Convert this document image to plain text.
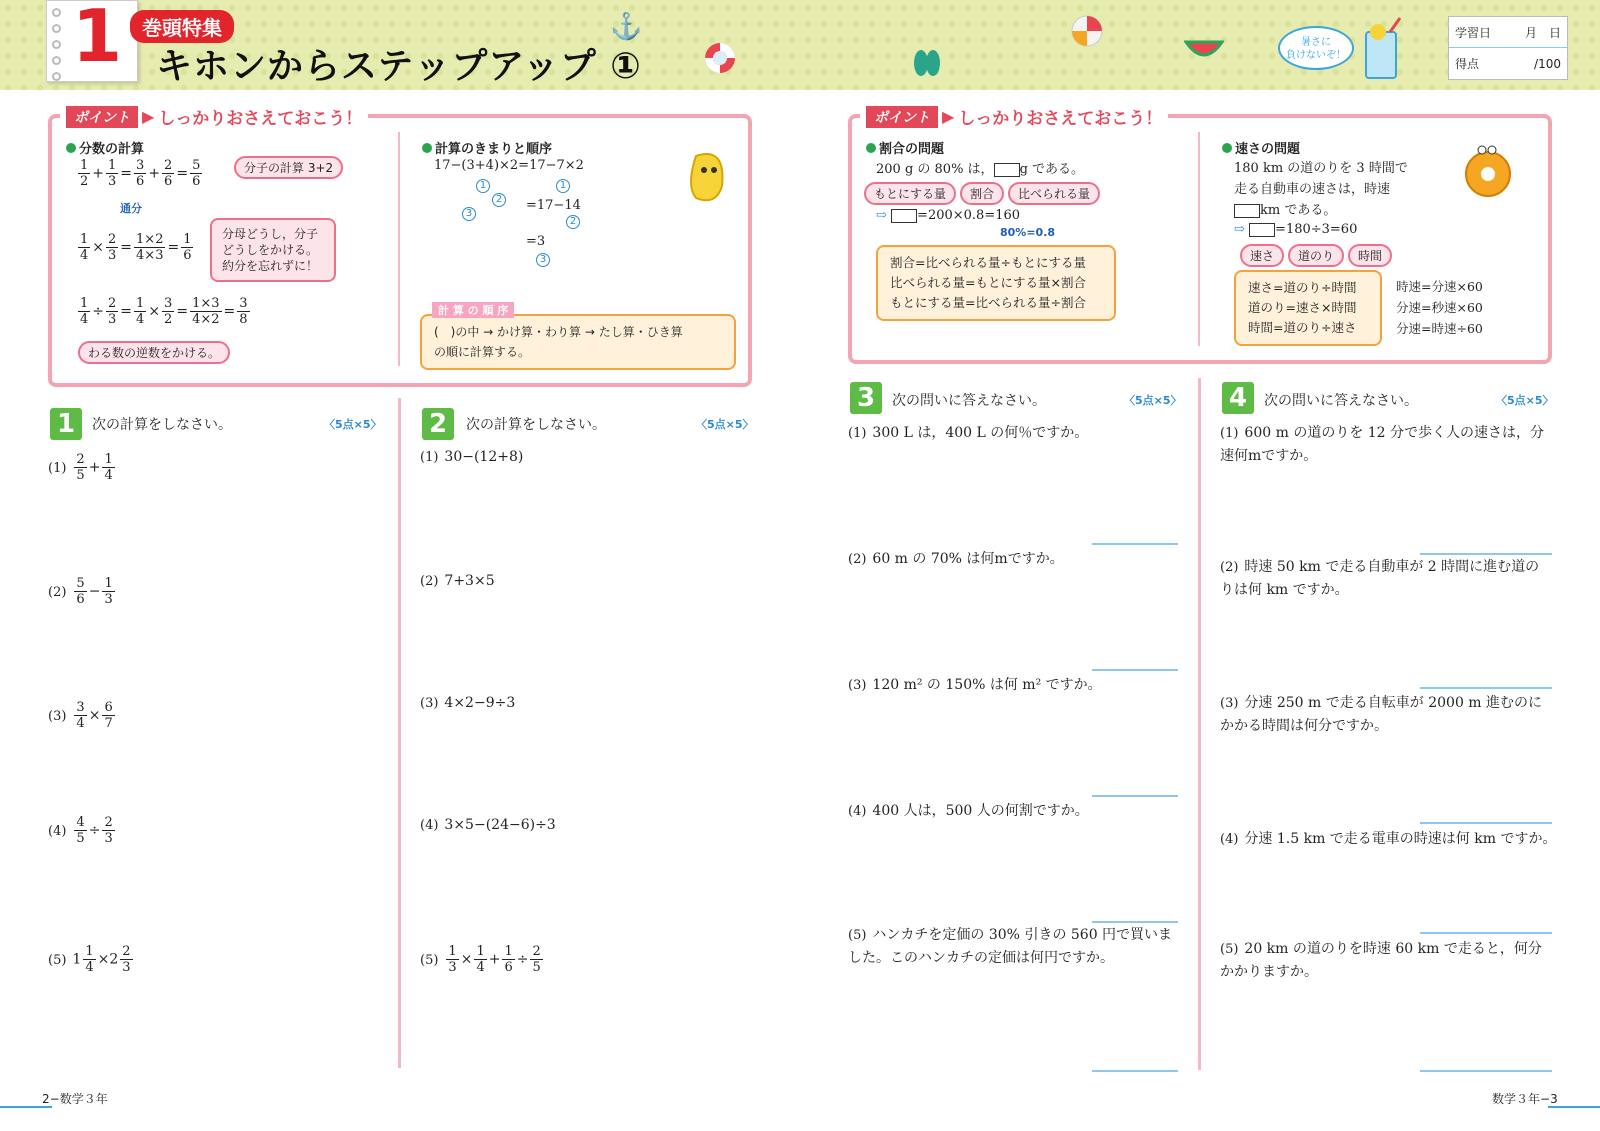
1 巻頭特集
キホンからステップアップ ①
⚓
暑さに
負けないぞ！
学習日	月　 日
得点	/100
ポイント ▶ しっかりおさえておこう！
分数の計算
$\frac{1}{2} + \frac{1}{3} = \frac{3}{6} + \frac{2}{6} = \frac{5}{6}$	分子の計算 3+2
通分
$\frac{1}{4} \times \frac{2}{3} = \frac{1\times 2}{4\times 3} = \frac{1}{6}$	分母どうし，分子どうしをかける。約分を忘れずに！
$\frac{1}{4} \div \frac{2}{3} = \frac{1}{4} \times \frac{3}{2} = \frac{1\times 3}{4\times 2} = \frac{3}{8}$
わる数の逆数をかける。
計算のきまりと順序
17−(3+4)×2=17−7×2
1	1
2
3
=17−14
2
=3
3
計 算 の 順 序
(　)の中 → かけ算・わり算 → たし算・ひき算
の順に計算する。
ポイント ▶ しっかりおさえておこう！
割合の問題
200 g の 80% は， g である。
もとにする量	割合	比べられる量
⇨ =200×0.8=160
80%=0.8
割合=比べられる量÷もとにする量
比べられる量=もとにする量×割合
もとにする量=比べられる量÷割合
速さの問題
180 km の道のりを 3 時間で
走る自動車の速さは，時速
km である。
⇨ =180÷3=60
速さ	道のり	時間
速さ=道のり÷時間
道のり=速さ×時間
時間=道のり÷速さ
時速=分速×60
分速=秒速×60
分速=時速÷60
1	次の計算をしなさい。	〈5点×5〉
$(1) \frac{2}{5} + \frac{1}{4}$
$(2) \frac{5}{6} - \frac{1}{3}$
$(3) \frac{3}{4} \times \frac{6}{7}$
$(4) \frac{4}{5} \div \frac{2}{3}$
(5) $1 \frac{1}{4} \times 2 \frac{2}{3}$
2	次の計算をしなさい。	〈5点×5〉
(1) 30−(12+8)
(2) 7+3×5
(3) 4×2−9÷3
(4) 3×5−(24−6)÷3
$(5) \frac{1}{3} \times \frac{1}{4} + \frac{1}{6} \div \frac{2}{5}$
3	次の問いに答えなさい。	〈5点×5〉
(1) 300 L は，400 L の何％ですか。
(2) 60 m の 70% は何mですか。
(3) 120 m² の 150% は何 m² ですか。
(4) 400 人は，500 人の何割ですか。
(5) ハンカチを定価の 30% 引きの 560 円で買いました。このハンカチの定価は何円ですか。
4	次の問いに答えなさい。	〈5点×5〉
(1) 600 m の道のりを 12 分で歩く人の速さは，分速何mですか。
(2) 時速 50 km で走る自動車が 2 時間に進む道のりは何 km ですか。
(3) 分速 250 m で走る自転車が 2000 m 進むのにかかる時間は何分ですか。
(4) 分速 1.5 km で走る電車の時速は何 km ですか。
(5) 20 km の道のりを時速 60 km で走ると，何分かかりますか。
2−数学３年	数学３年−3
